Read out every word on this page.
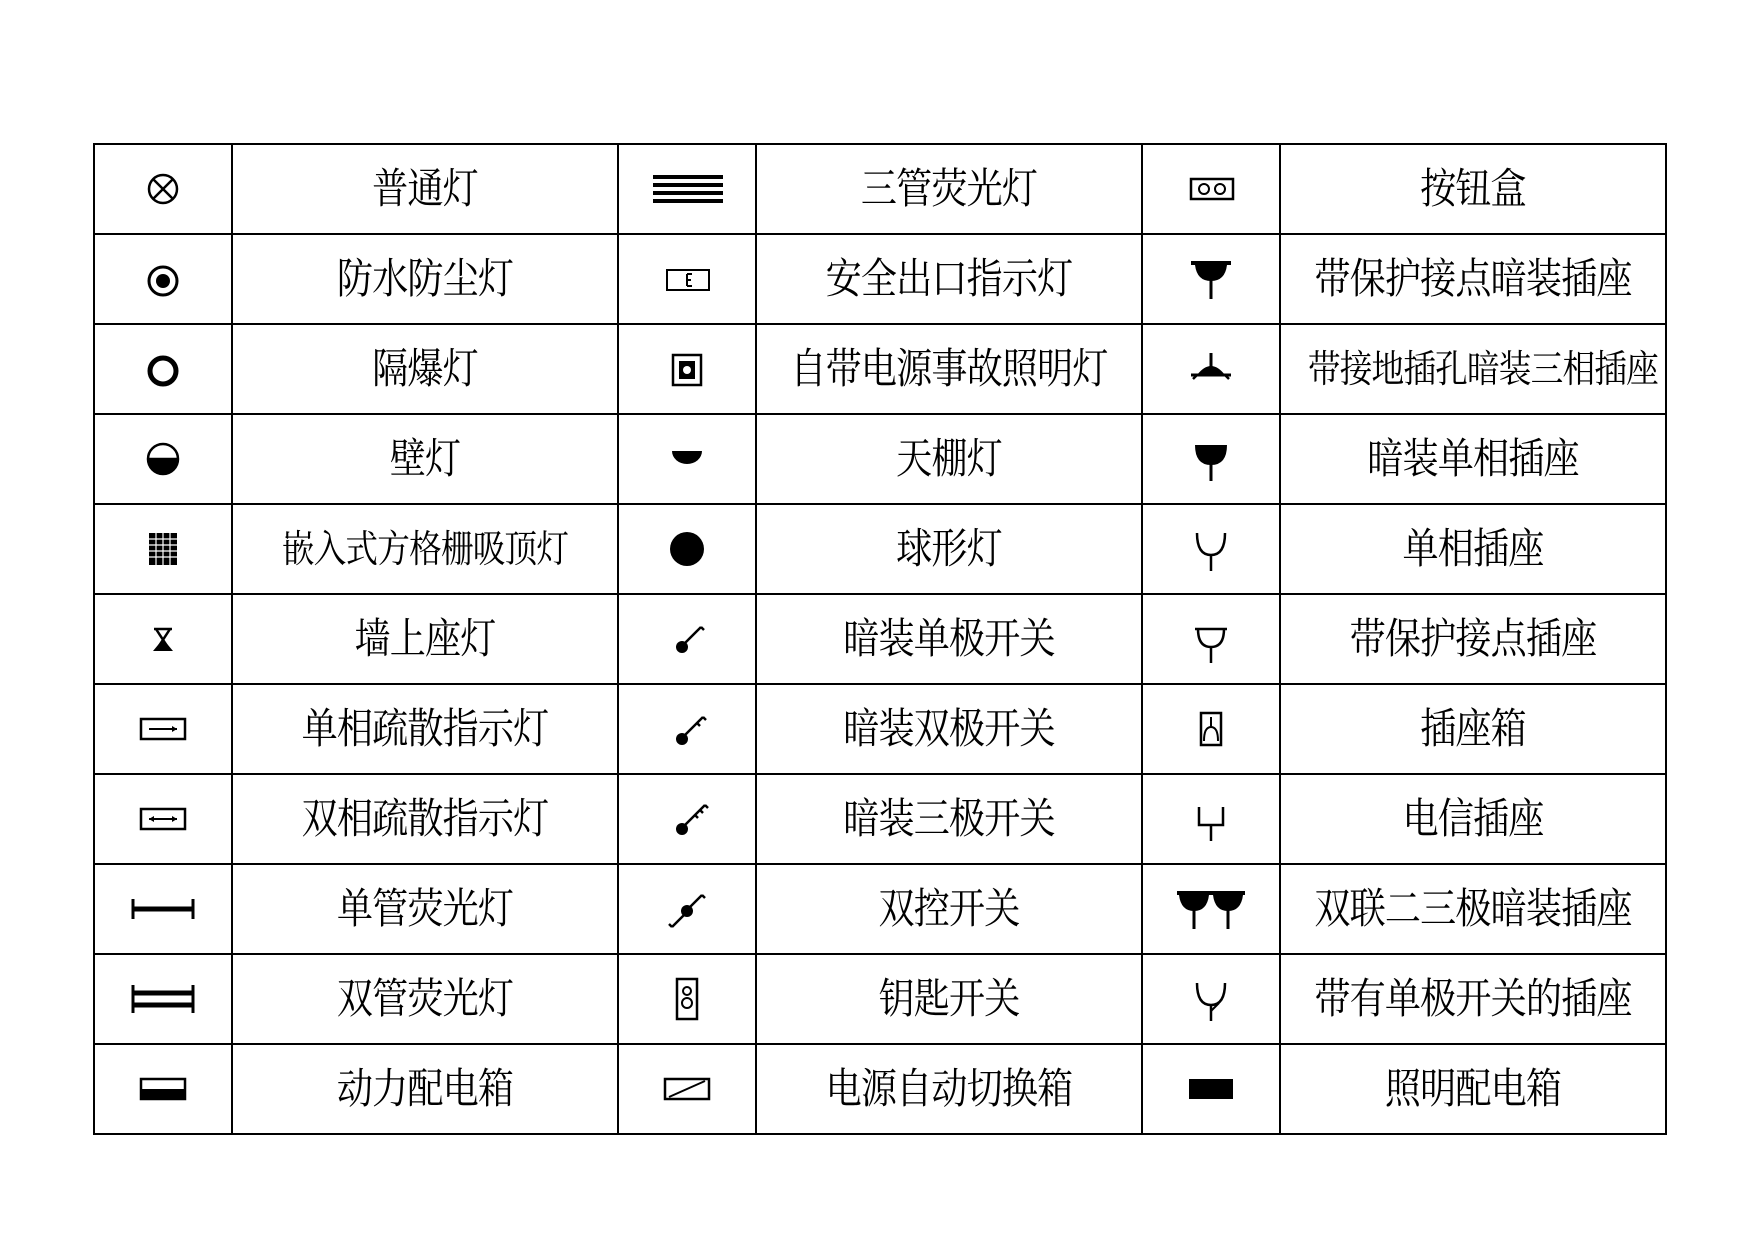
	普通灯		三管荧光灯		按钮盒

	防水防尘灯		安全出口指示灯		带保护接点暗装插座

	隔爆灯		自带电源事故照明灯		带接地插孔暗装三相插座

	壁灯		天棚灯		暗装单相插座

	嵌入式方格栅吸顶灯		球形灯		单相插座

	墙上座灯		暗装单极开关		带保护接点插座

	单相疏散指示灯		暗装双极开关		插座箱

	双相疏散指示灯		暗装三极开关		电信插座

	单管荧光灯		双控开关		双联二三极暗装插座

	双管荧光灯		钥匙开关		带有单极开关的插座

	动力配电箱		电源自动切换箱		照明配电箱
